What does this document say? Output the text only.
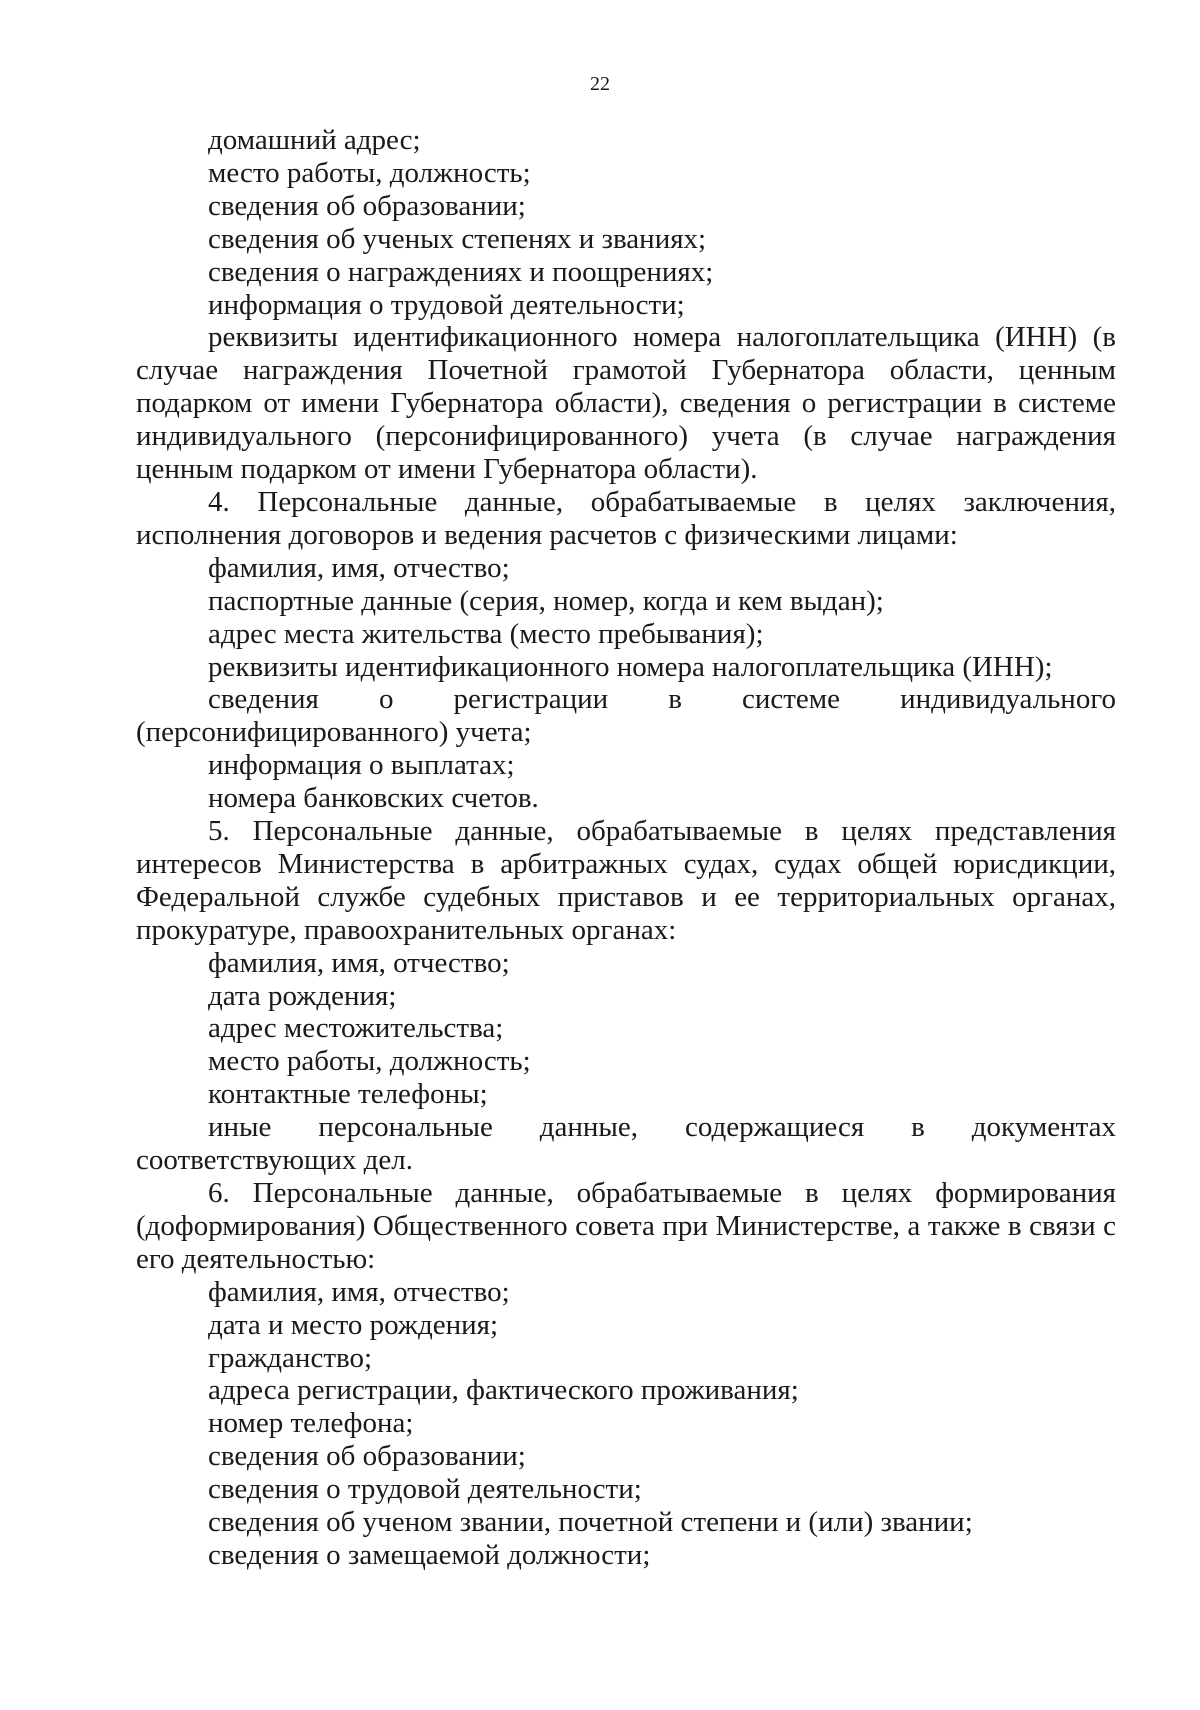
22

домашний адрес;

место работы, должность;

сведения об образовании;

сведения об ученых степенях и званиях;

сведения о награждениях и поощрениях;

информация о трудовой деятельности;

реквизиты идентификационного номера налогоплательщика (ИНН) (в случае награждения Почетной грамотой Губернатора области, ценным подарком от имени Губернатора области), сведения о регистрации в системе индивидуального (персонифицированного) учета (в случае награждения ценным подарком от имени Губернатора области).

4. Персональные данные, обрабатываемые в целях заключения, исполнения договоров и ведения расчетов с физическими лицами:

фамилия, имя, отчество;

паспортные данные (серия, номер, когда и кем выдан);

адрес места жительства (место пребывания);

реквизиты идентификационного номера налогоплательщика (ИНН);

сведения о регистрации в системе индивидуального (персонифицированного) учета;

информация о выплатах;

номера банковских счетов.

5. Персональные данные, обрабатываемые в целях представления интересов Министерства в арбитражных судах, судах общей юрисдикции, Федеральной службе судебных приставов и ее территориальных органах, прокуратуре, правоохранительных органах:

фамилия, имя, отчество;

дата рождения;

адрес местожительства;

место работы, должность;

контактные телефоны;

иные персональные данные, содержащиеся в документах соответствующих дел.

6. Персональные данные, обрабатываемые в целях формирования (доформирования) Общественного совета при Министерстве, а также в связи с его деятельностью:

фамилия, имя, отчество;

дата и место рождения;

гражданство;

адреса регистрации, фактического проживания;

номер телефона;

сведения об образовании;

сведения о трудовой деятельности;

сведения об ученом звании, почетной степени и (или) звании;

сведения о замещаемой должности;
